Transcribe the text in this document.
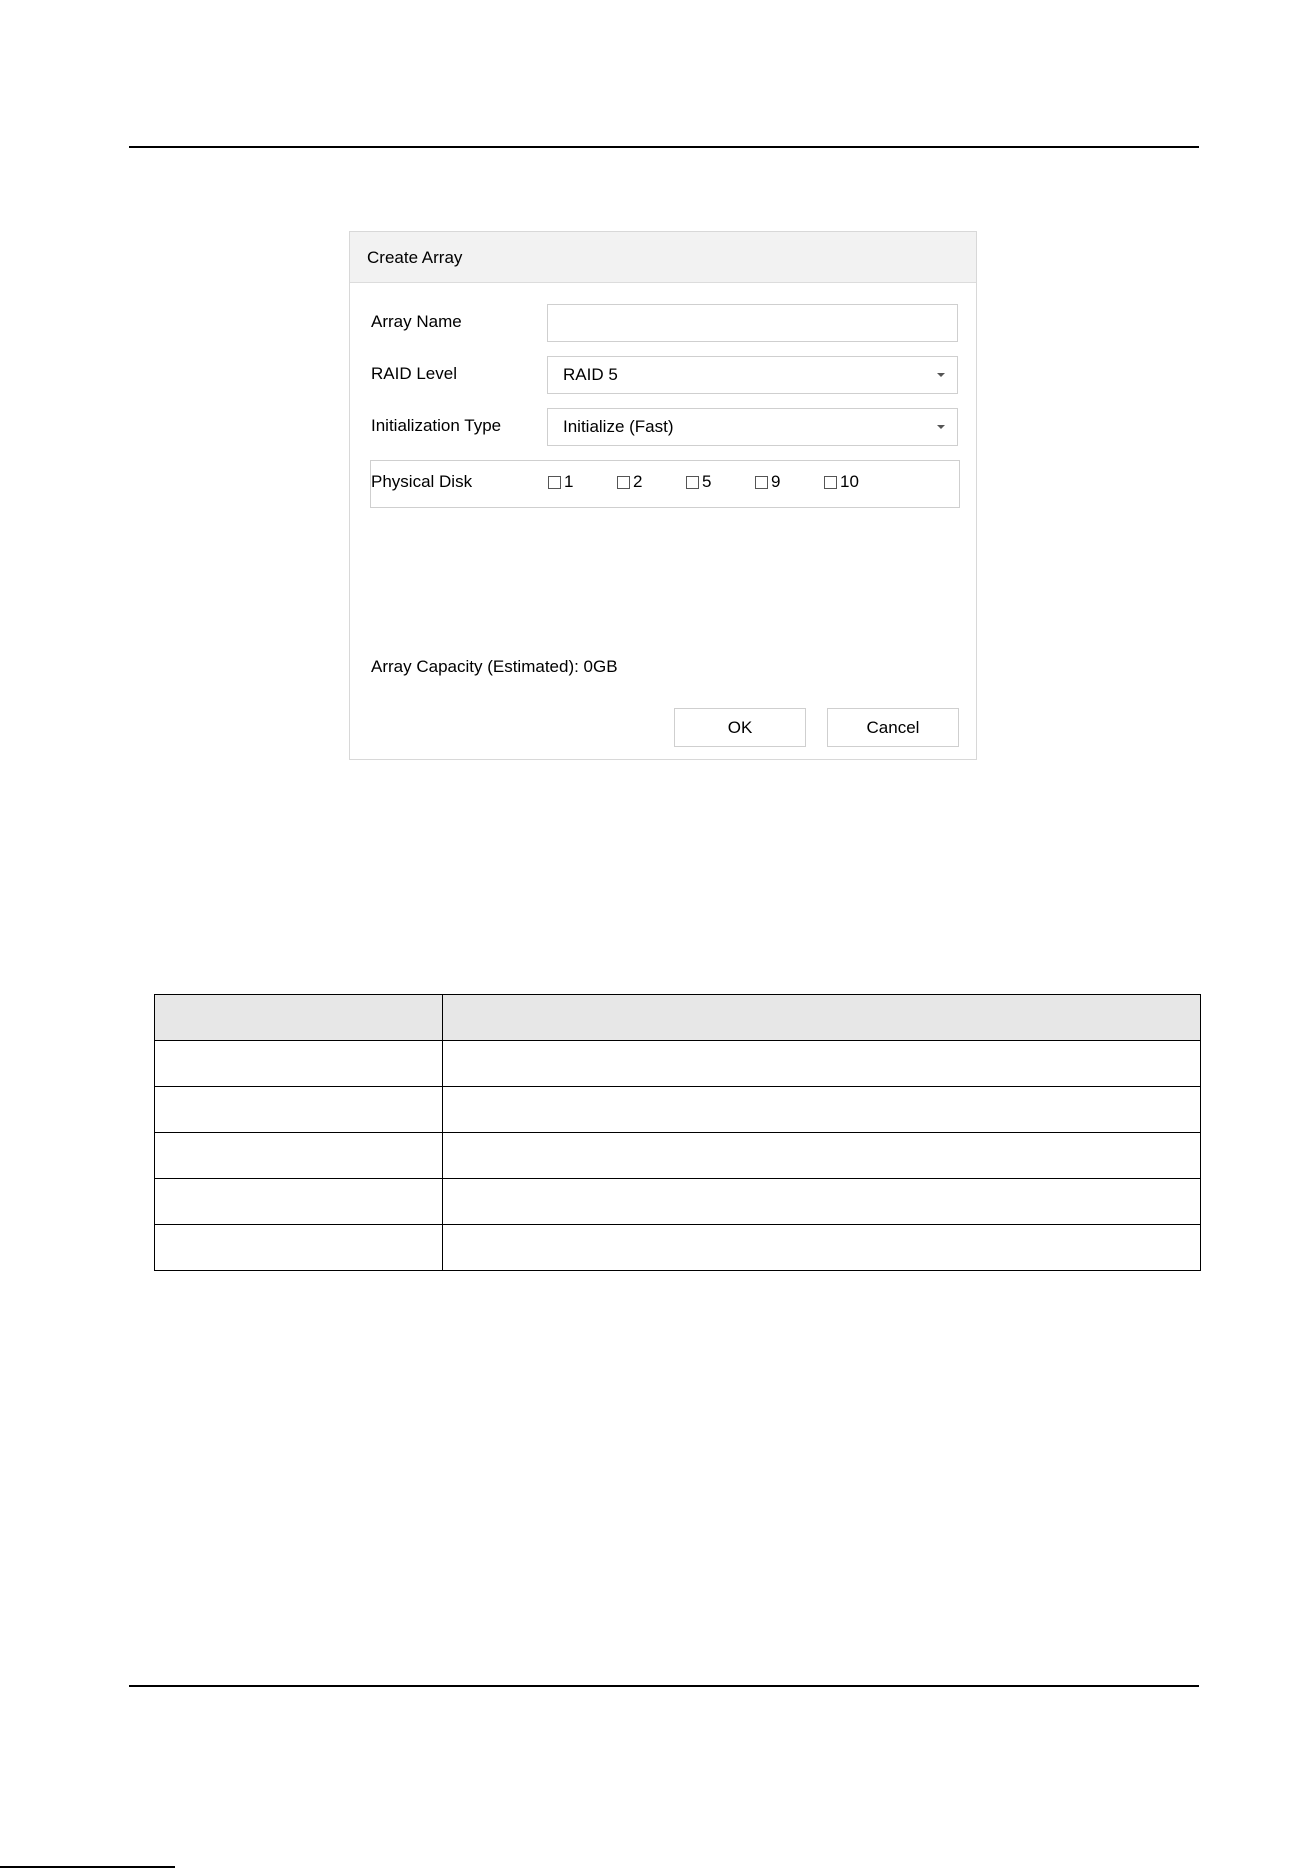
Create Array
Array Name
RAID Level	RAID 5
Initialization Type	Initialize (Fast)
Physical Disk	1	2	5	9	10
Array Capacity (Estimated): 0GB
OK	Cancel
